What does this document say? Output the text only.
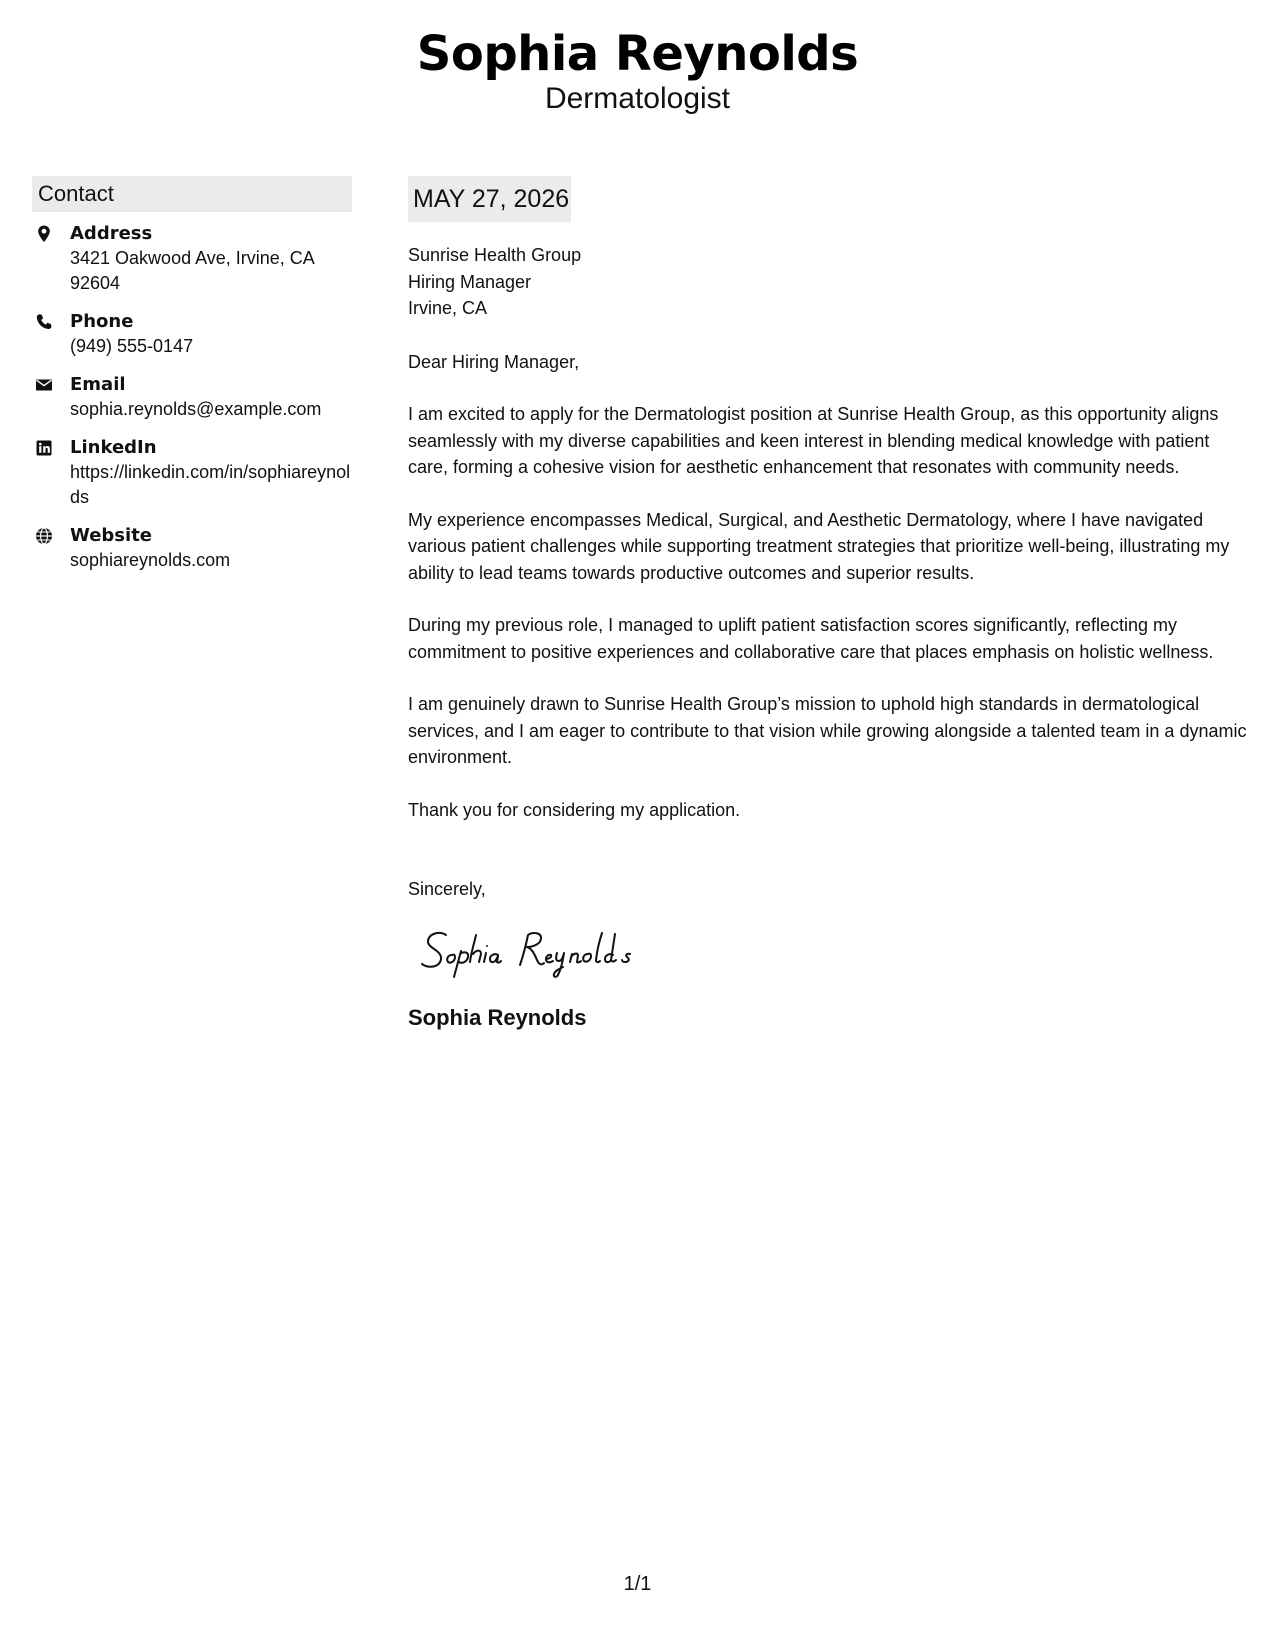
Sophia Reynolds

Dermatologist

Contact
Address
3421 Oakwood Ave, Irvine, CA 92604
Phone
(949) 555-0147
Email
sophia.reynolds@example.com
LinkedIn
https://linkedin.com/in/sophiareynolds
Website
sophiareynolds.com
MAY 27, 2026

Sunrise Health Group

Hiring Manager

Irvine, CA

Dear Hiring Manager,

I am excited to apply for the Dermatologist position at Sunrise Health Group, as this opportunity aligns seamlessly with my diverse capabilities and keen interest in blending medical knowledge with patient care, forming a cohesive vision for aesthetic enhancement that resonates with community needs.

My experience encompasses Medical, Surgical, and Aesthetic Dermatology, where I have navigated various patient challenges while supporting treatment strategies that prioritize well-being, illustrating my ability to lead teams towards productive outcomes and superior results.

During my previous role, I managed to uplift patient satisfaction scores significantly, reflecting my commitment to positive experiences and collaborative care that places emphasis on holistic wellness.

I am genuinely drawn to Sunrise Health Group’s mission to uphold high standards in dermatological services, and I am eager to contribute to that vision while growing alongside a talented team in a dynamic environment.

Thank you for considering my application.

Sincerely,

Sophia Reynolds

1/1
